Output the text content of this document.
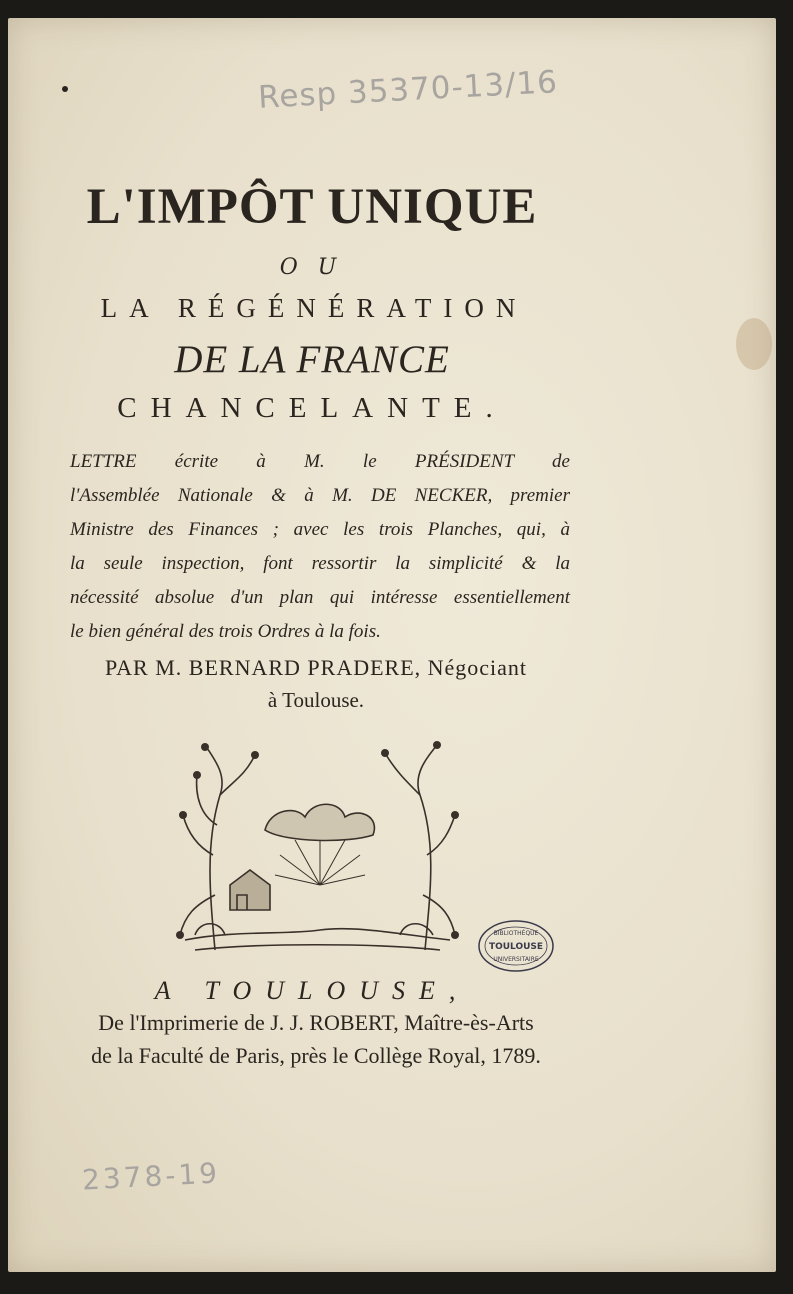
Resp 35370-13/16
L'IMPÔT UNIQUE
OU
LA RÉGÉNÉRATION
DE LA FRANCE
CHANCELANTE.
LETTRE écrite à M. le PRÉSIDENT de
l'Assemblée Nationale & à M. DE NECKER, premier
Ministre des Finances ; avec les trois Planches, qui, à
la seule inspection, font ressortir la simplicité & la
nécessité absolue d'un plan qui intéresse essentiellement
le bien général des trois Ordres à la fois.
PAR M. BERNARD PRADERE, Négociant
à Toulouse.
BIBLIOTHÈQUE
TOULOUSE
UNIVERSITAIRE
A TOULOUSE,
De l'Imprimerie de J. J. ROBERT, Maître-ès-Arts
de la Faculté de Paris, près le Collège Royal, 1789.
2378-19
